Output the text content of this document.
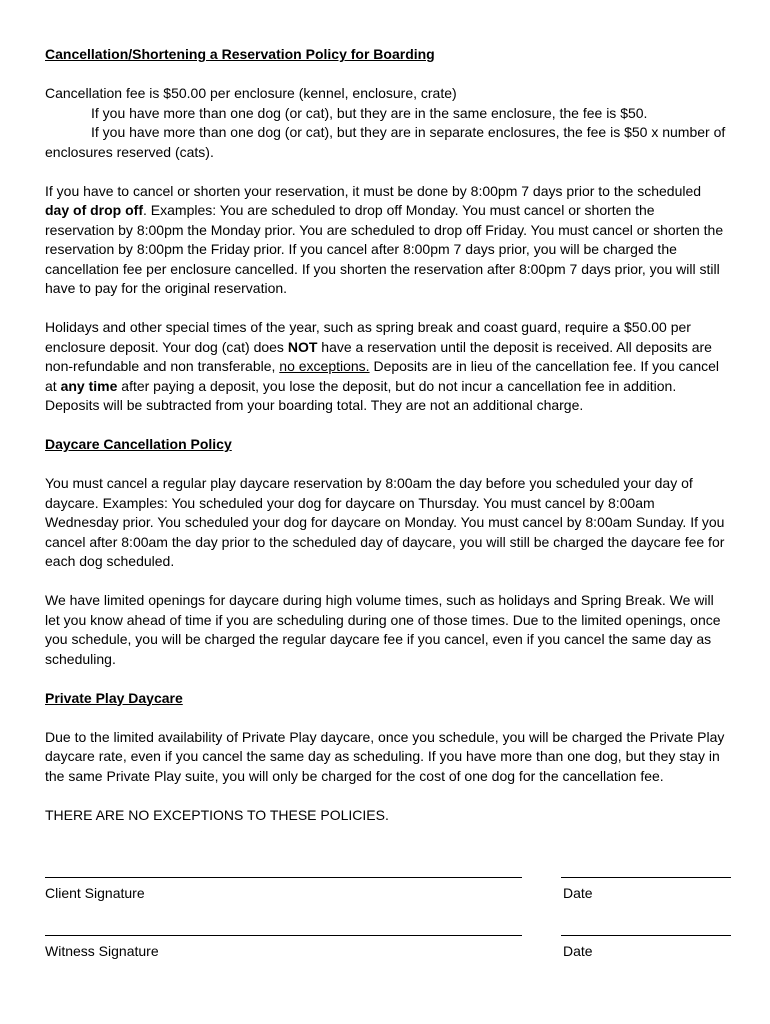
Cancellation/Shortening a Reservation Policy for Boarding

Cancellation fee is $50.00 per enclosure (kennel, enclosure, crate)

If you have more than one dog (or cat), but they are in the same enclosure, the fee is $50.

If you have more than one dog (or cat), but they are in separate enclosures, the fee is $50 x number of
enclosures reserved (cats).

If you have to cancel or shorten your reservation, it must be done by 8:00pm 7 days prior to the scheduled day of drop off. Examples: You are scheduled to drop off Monday. You must cancel or shorten the reservation by 8:00pm the Monday prior. You are scheduled to drop off Friday. You must cancel or shorten the reservation by 8:00pm the Friday prior. If you cancel after 8:00pm 7 days prior, you will be charged the cancellation fee per enclosure cancelled. If you shorten the reservation after 8:00pm 7 days prior, you will still have to pay for the original reservation.

Holidays and other special times of the year, such as spring break and coast guard, require a $50.00 per enclosure deposit. Your dog (cat) does NOT have a reservation until the deposit is received. All deposits are non-refundable and non transferable, no exceptions. Deposits are in lieu of the cancellation fee. If you cancel at any time after paying a deposit, you lose the deposit, but do not incur a cancellation fee in addition. Deposits will be subtracted from your boarding total. They are not an additional charge.

Daycare Cancellation Policy

You must cancel a regular play daycare reservation by 8:00am the day before you scheduled your day of daycare. Examples: You scheduled your dog for daycare on Thursday. You must cancel by 8:00am Wednesday prior. You scheduled your dog for daycare on Monday. You must cancel by 8:00am Sunday. If you cancel after 8:00am the day prior to the scheduled day of daycare, you will still be charged the daycare fee for each dog scheduled.

We have limited openings for daycare during high volume times, such as holidays and Spring Break. We will let you know ahead of time if you are scheduling during one of those times. Due to the limited openings, once you schedule, you will be charged the regular daycare fee if you cancel, even if you cancel the same day as scheduling.

Private Play Daycare

Due to the limited availability of Private Play daycare, once you schedule, you will be charged the Private Play daycare rate, even if you cancel the same day as scheduling. If you have more than one dog, but they stay in the same Private Play suite, you will only be charged for the cost of one dog for the cancellation fee.

THERE ARE NO EXCEPTIONS TO THESE POLICIES.

Client Signature	Date
Witness Signature	Date
